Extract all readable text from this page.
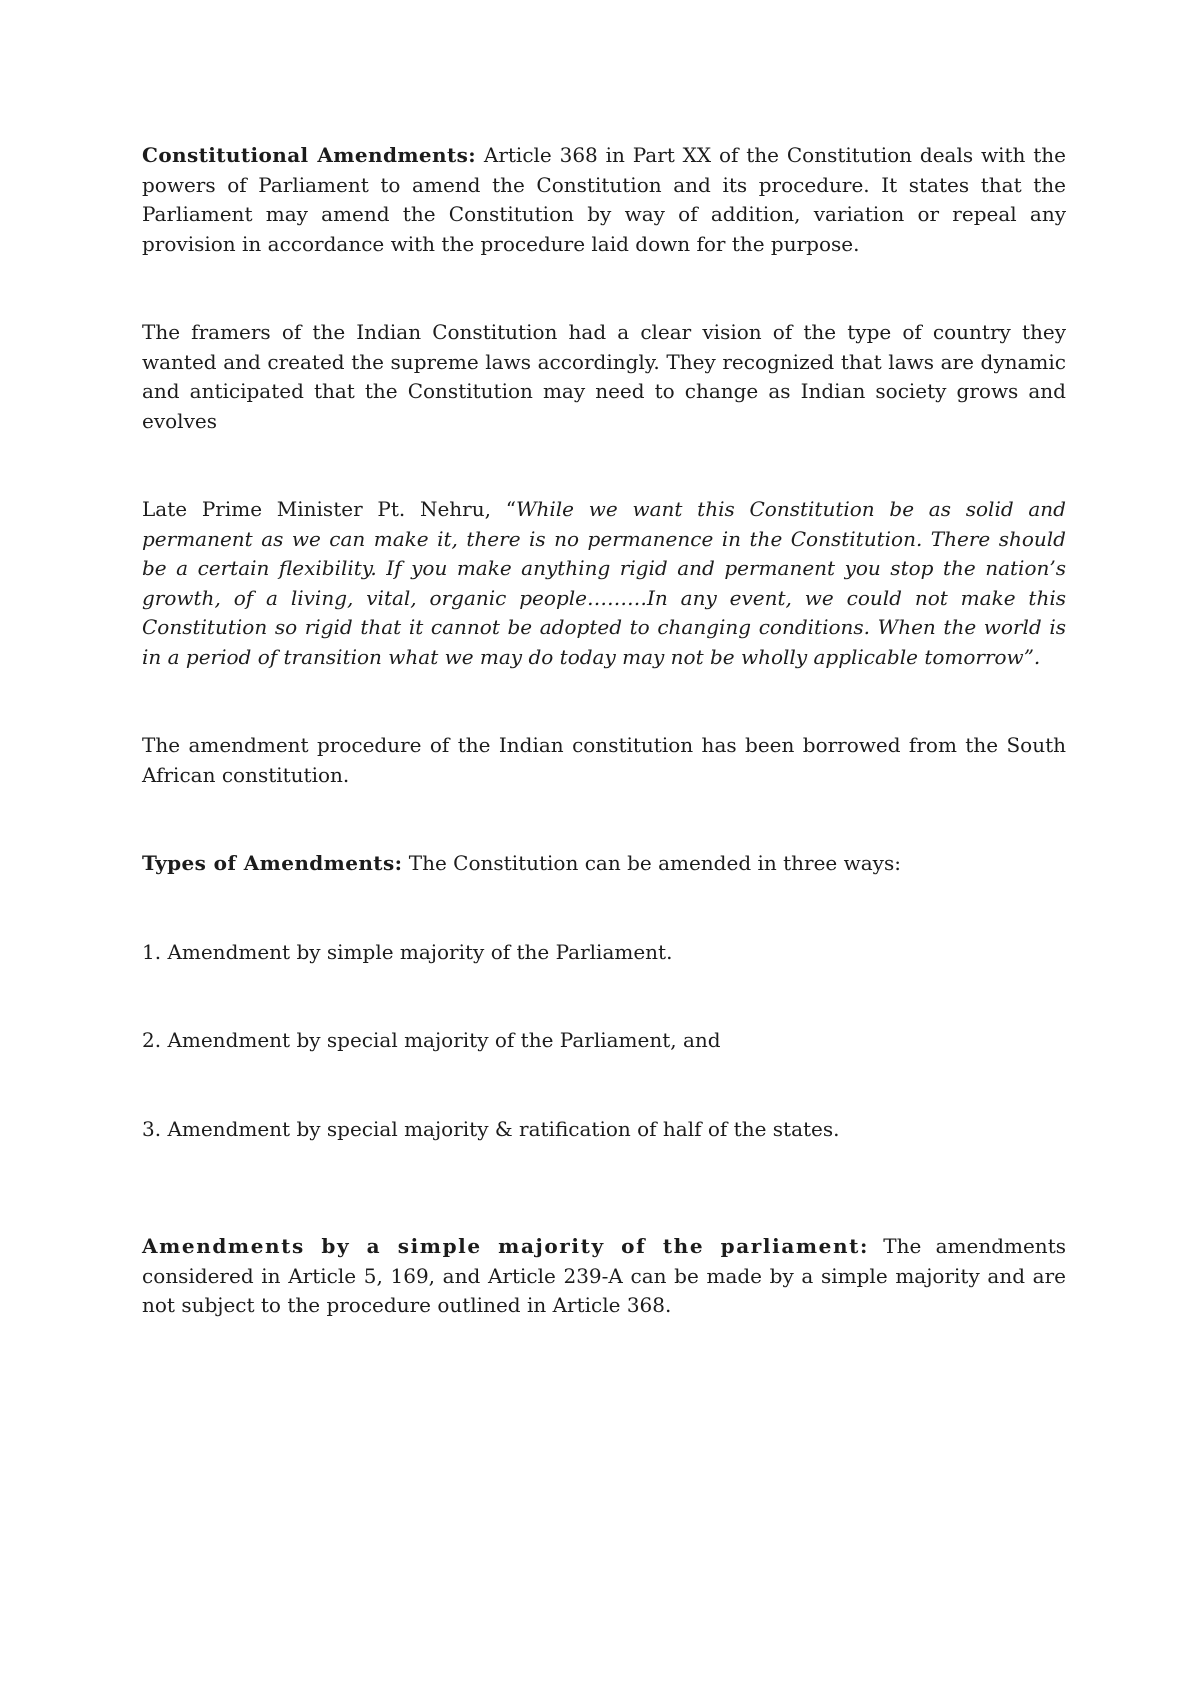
Constitutional Amendments: Article 368 in Part XX of the Constitution deals with the powers of Parliament to amend the Constitution and its procedure. It states that the Parliament may amend the Constitution by way of addition, variation or repeal any provision in accordance with the procedure laid down for the purpose.

The framers of the Indian Constitution had a clear vision of the type of country they wanted and created the supreme laws accordingly. They recognized that laws are dynamic and anticipated that the Constitution may need to change as Indian society grows and evolves

Late Prime Minister Pt. Nehru, “While we want this Constitution be as solid and permanent as we can make it, there is no permanence in the Constitution. There should be a certain flexibility. If you make anything rigid and permanent you stop the nation’s growth, of a living, vital, organic people………In any event, we could not make this Constitution so rigid that it cannot be adopted to changing conditions. When the world is in a period of transition what we may do today may not be wholly applicable tomorrow”.

The amendment procedure of the Indian constitution has been borrowed from the South African constitution.

Types of Amendments: The Constitution can be amended in three ways:

1. Amendment by simple majority of the Parliament.

2. Amendment by special majority of the Parliament, and

3. Amendment by special majority & ratification of half of the states.

Amendments by a simple majority of the parliament: The amendments considered in Article 5, 169, and Article 239-A can be made by a simple majority and are not subject to the procedure outlined in Article 368.
